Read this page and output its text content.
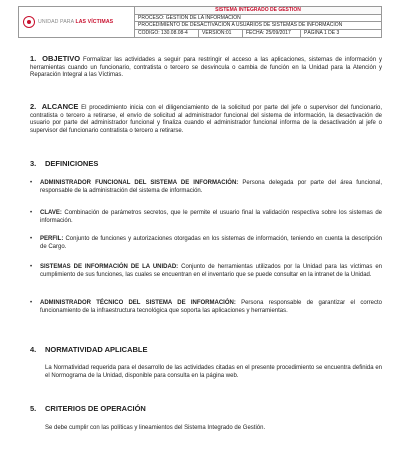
UNIDAD PARA LAS VÍCTIMAS
SISTEMA INTEGRADO DE GESTIÓN
PROCESO: GESTIÓN DE LA INFORMACIÓN
PROCEDIMIENTO DE DESACTIVACIÓN A USUARIOS DE SISTEMAS DE INFORMACIÓN
CÓDIGO: 130.08.08-4	VERSIÓN:01	FECHA: 25/09/2017	PÁGINA 1 DE 3
1. OBJETIVO Formalizar las actividades a seguir para restringir el acceso a las aplicaciones, sistemas de información y herramientas cuando un funcionario, contratista o tercero se desvincula o cambia de función en la Unidad para la Atención y Reparación Integral a las Víctimas.
2. ALCANCE El procedimiento inicia con el diligenciamiento de la solicitud por parte del jefe o supervisor del funcionario, contratista o tercero a retirarse, el envío de solicitud al administrador funcional del sistema de información, la desactivación de usuario por parte del administrador funcional y finaliza cuando el administrador funcional informa de la desactivación al jefe o supervisor del funcionario contratista o tercero a retirarse.
3.	DEFINICIONES
• ADMINISTRADOR FUNCIONAL DEL SISTEMA DE INFORMACIÓN: Persona delegada por parte del área funcional, responsable de la administración del sistema de información.
• CLAVE: Combinación de parámetros secretos, que le permite el usuario final la validación respectiva sobre los sistemas de información.
• PERFIL: Conjunto de funciones y autorizaciones otorgadas en los sistemas de información, teniendo en cuenta la descripción de Cargo.
• SISTEMAS DE INFORMACIÓN DE LA UNIDAD: Conjunto de herramientas utilizados por la Unidad para las víctimas en cumplimiento de sus funciones, las cuales se encuentran en el inventario que se puede consultar en la intranet de la Unidad.
• ADMINISTRADOR TÉCNICO DEL SISTEMA DE INFORMACIÓN: Persona responsable de garantizar el correcto funcionamiento de la infraestructura tecnológica que soporta las aplicaciones y herramientas.
4.	NORMATIVIDAD APLICABLE
La Normatividad requerida para el desarrollo de las actividades citadas en el presente procedimiento se encuentra definida en el Normograma de la Unidad, disponible para consulta en la página web.
5.	CRITERIOS DE OPERACIÓN
Se debe cumplir con las políticas y lineamientos del Sistema Integrado de Gestión.
